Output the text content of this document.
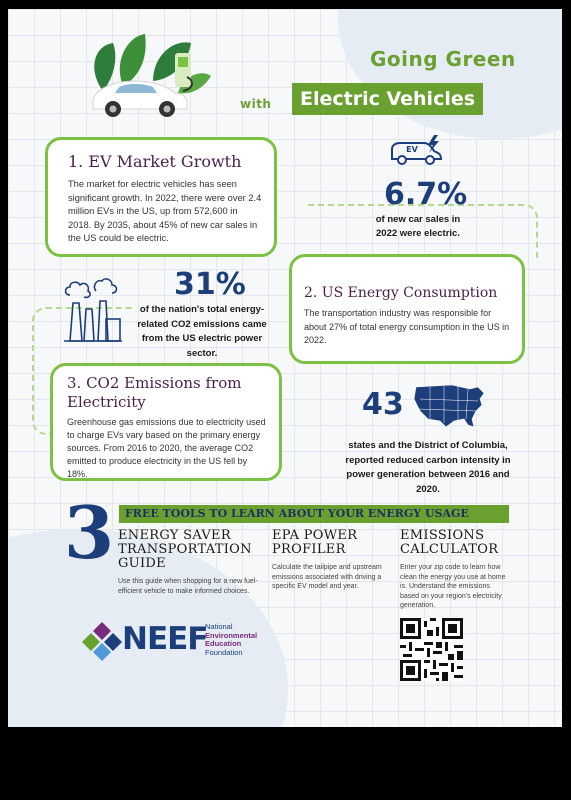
Going Green
with	Electric Vehicles
1. EV Market Growth

The market for electric vehicles has seen significant growth. In 2022, there were over 2.4 million EVs in the US, up from 572,600 in 2018. By 2035, about 45% of new car sales in the US could be electric.

EV
6.7%
of new car sales in 2022 were electric.
31%
of the nation's total energy-related CO2 emissions came from the US electric power sector.
2. US Energy Consumption

The transportation industry was responsible for about 27% of total energy consumption in the US in 2022.

3. CO2 Emissions from Electricity

Greenhouse gas emissions due to electricity used to charge EVs vary based on the primary energy sources. From 2016 to 2020, the average CO2 emitted to produce electricity in the US fell by 18%.

43
states and the District of Columbia, reported reduced carbon intensity in power generation between 2016 and 2020.
3 FREE TOOLS TO LEARN ABOUT YOUR ENERGY USAGE
ENERGY SAVER TRANSPORTATION GUIDE
Use this guide when shopping for a new fuel-efficient vehicle to make informed choices.
EPA POWER PROFILER
Calculate the tailpipe and upstream emissions associated with driving a specific EV model and year.
EMISSIONS CALCULATOR
Enter your zip code to learn how clean the energy you use at home is. Understand the emissions based on your region's electricity generation.
NEEF
National
Environmental
Education
Foundation
